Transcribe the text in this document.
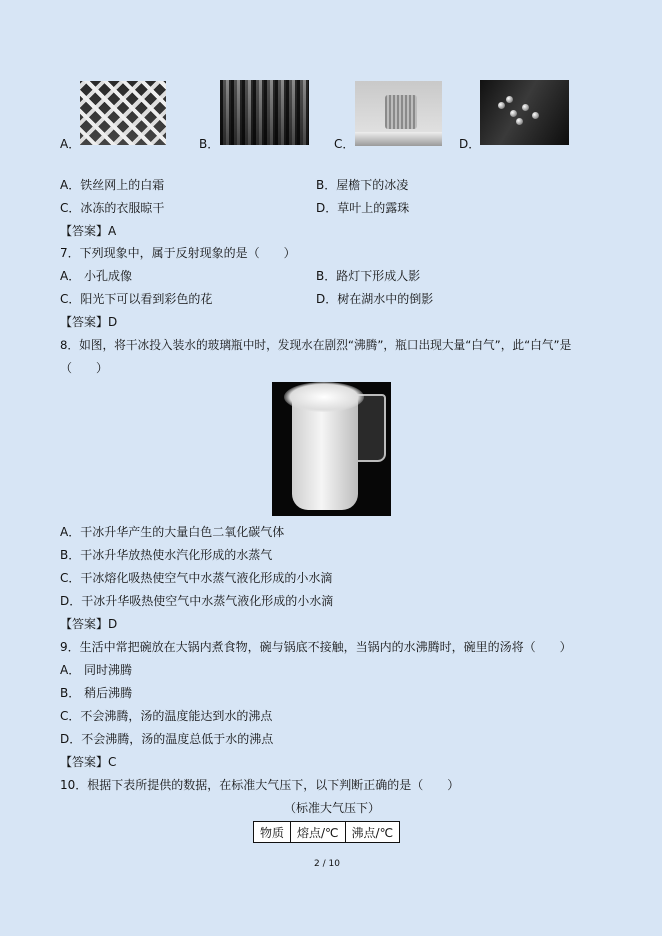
A．	B．	C．	D．
A．铁丝网上的白霜	B．屋檐下的冰凌
C．冰冻的衣服晾干	D．草叶上的露珠
【答案】A
7．下列现象中，属于反射现象的是（　　）
A． 小孔成像	B．路灯下形成人影
C．阳光下可以看到彩色的花	D．树在湖水中的倒影
【答案】D
8．如图，将干冰投入装水的玻璃瓶中时，发现水在剧烈“沸腾”，瓶口出现大量“白气”，此“白气”是
（　　）
A．干冰升华产生的大量白色二氧化碳气体
B．干冰升华放热使水汽化形成的水蒸气
C．干冰熔化吸热使空气中水蒸气液化形成的小水滴
D．干冰升华吸热使空气中水蒸气液化形成的小水滴
【答案】D
9．生活中常把碗放在大锅内煮食物，碗与锅底不接触，当锅内的水沸腾时，碗里的汤将（　　）
A． 同时沸腾
B． 稍后沸腾
C．不会沸腾，汤的温度能达到水的沸点
D．不会沸腾，汤的温度总低于水的沸点
【答案】C
10．根据下表所提供的数据，在标准大气压下，以下判断正确的是（　　）
（标准大气压下）
物质	熔点/℃	沸点/℃
2 / 10
